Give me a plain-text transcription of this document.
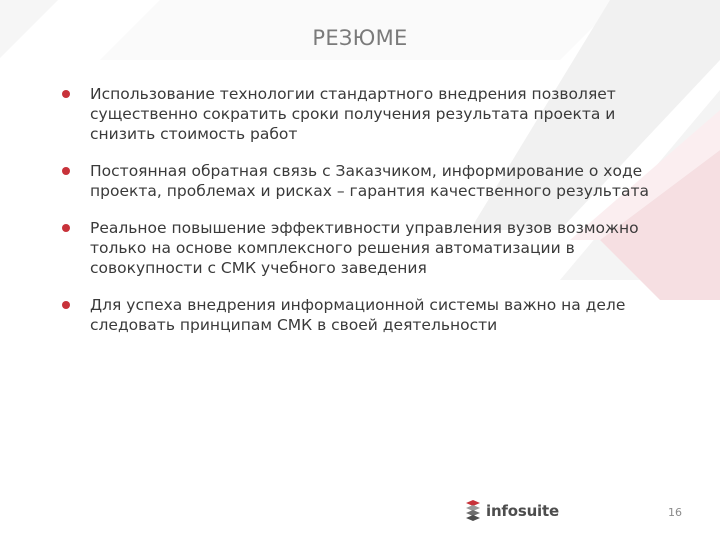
РЕЗЮМЕ
Использование технологии стандартного внедрения позволяет существенно сократить сроки получения результата проекта и снизить стоимость работ
Постоянная обратная связь с Заказчиком, информирование о ходе проекта, проблемах и рисках – гарантия качественного результата
Реальное повышение эффективности управления вузов возможно только на основе комплексного решения автоматизации в совокупности с СМК учебного заведения
Для успеха внедрения информационной системы важно на деле следовать принципам СМК в своей деятельности
infosuite	16
